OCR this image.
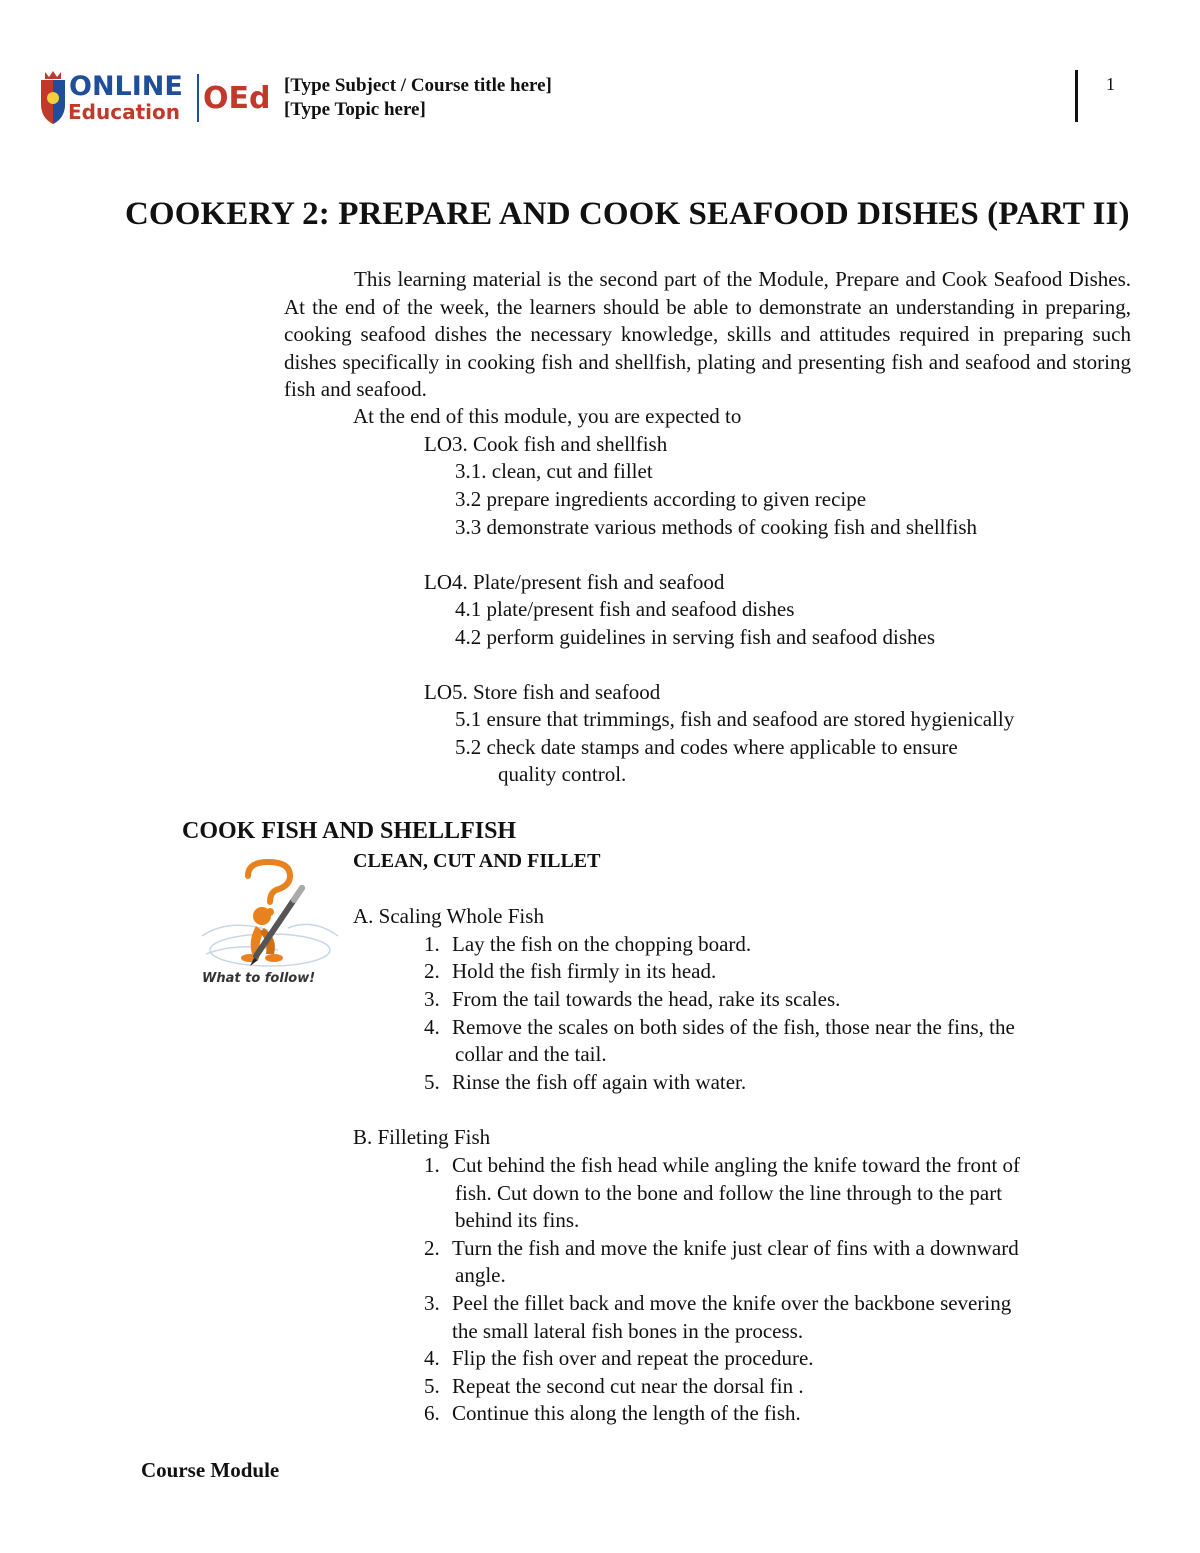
ONLINE
Education OEd [Type Subject / Course title here]
[Type Topic here]
1
COOKERY 2: PREPARE AND COOK SEAFOOD DISHES (PART II)
This learning material is the second part of the Module, Prepare and Cook Seafood Dishes. At the end of the week, the learners should be able to demonstrate an understanding in preparing, cooking seafood dishes the necessary knowledge, skills and attitudes required in preparing such dishes specifically in cooking fish and shellfish, plating and presenting fish and seafood and storing fish and seafood.
At the end of this module, you are expected to
LO3. Cook fish and shellfish
3.1. clean, cut and fillet
3.2 prepare ingredients according to given recipe
3.3 demonstrate various methods of cooking fish and shellfish
LO4. Plate/present fish and seafood
4.1 plate/present fish and seafood dishes
4.2 perform guidelines in serving fish and seafood dishes
LO5. Store fish and seafood
5.1 ensure that trimmings, fish and seafood are stored hygienically
5.2 check date stamps and codes where applicable to ensure
quality control.
COOK FISH AND SHELLFISH
CLEAN, CUT AND FILLET
What to follow!
A. Scaling Whole Fish
1. Lay the fish on the chopping board.
2. Hold the fish firmly in its head.
3. From the tail towards the head, rake its scales.
4. Remove the scales on both sides of the fish, those near the fins, the
collar and the tail.
5. Rinse the fish off again with water.
B. Filleting Fish
1. Cut behind the fish head while angling the knife toward the front of
fish. Cut down to the bone and follow the line through to the part
behind its fins.
2. Turn the fish and move the knife just clear of fins with a downward
angle.
3. Peel the fillet back and move the knife over the backbone severing
the small lateral fish bones in the process.
4. Flip the fish over and repeat the procedure.
5. Repeat the second cut near the dorsal fin .
6. Continue this along the length of the fish.
Course Module
